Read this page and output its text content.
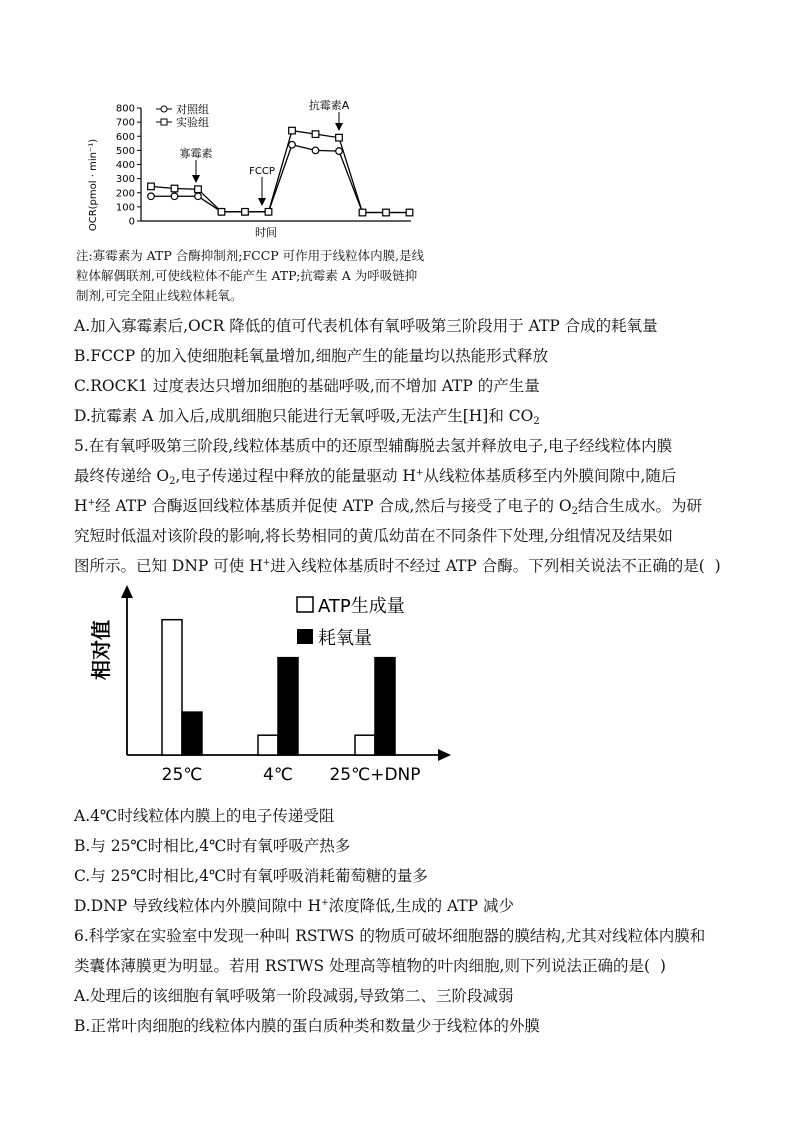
0
100
200
300
400
500
600
700
800
OCR(pmol · min⁻¹)
时间
对照组
实验组
寡霉素
FCCP
抗霉素A
注:寡霉素为 ATP 合酶抑制剂;FCCP 可作用于线粒体内膜,是线
粒体解偶联剂,可使线粒体不能产生 ATP;抗霉素 A 为呼吸链抑
制剂,可完全阻止线粒体耗氧。
A.加入寡霉素后,OCR 降低的值可代表机体有氧呼吸第三阶段用于 ATP 合成的耗氧量
B.FCCP 的加入使细胞耗氧量增加,细胞产生的能量均以热能形式释放
C.ROCK1 过度表达只增加细胞的基础呼吸,而不增加 ATP 的产生量
D.抗霉素 A 加入后,成肌细胞只能进行无氧呼吸,无法产生[H]和 $CO_2$
5.在有氧呼吸第三阶段,线粒体基质中的还原型辅酶脱去氢并释放电子,电子经线粒体内膜
最终传递给 $O_2$,电子传递过程中释放的能量驱动 H+从线粒体基质移至内外膜间隙中,随后
H+经 ATP 合酶返回线粒体基质并促使 ATP 合成,然后与接受了电子的 $O_2$结合生成水。为研
究短时低温对该阶段的影响,将长势相同的黄瓜幼苗在不同条件下处理,分组情况及结果如
图所示。已知 DNP 可使 H+进入线粒体基质时不经过 ATP 合酶。下列相关说法不正确的是( )
相对值
25℃	4℃ 25℃+DNP
ATP生成量
耗氧量
A.4℃时线粒体内膜上的电子传递受阻
B.与 25℃时相比,4℃时有氧呼吸产热多
C.与 25℃时相比,4℃时有氧呼吸消耗葡萄糖的量多
D.DNP 导致线粒体内外膜间隙中 H+浓度降低,生成的 ATP 减少
6.科学家在实验室中发现一种叫 RSTWS 的物质可破坏细胞器的膜结构,尤其对线粒体内膜和
类囊体薄膜更为明显。若用 RSTWS 处理高等植物的叶肉细胞,则下列说法正确的是( )
A.处理后的该细胞有氧呼吸第一阶段减弱,导致第二、三阶段减弱
B.正常叶肉细胞的线粒体内膜的蛋白质种类和数量少于线粒体的外膜
